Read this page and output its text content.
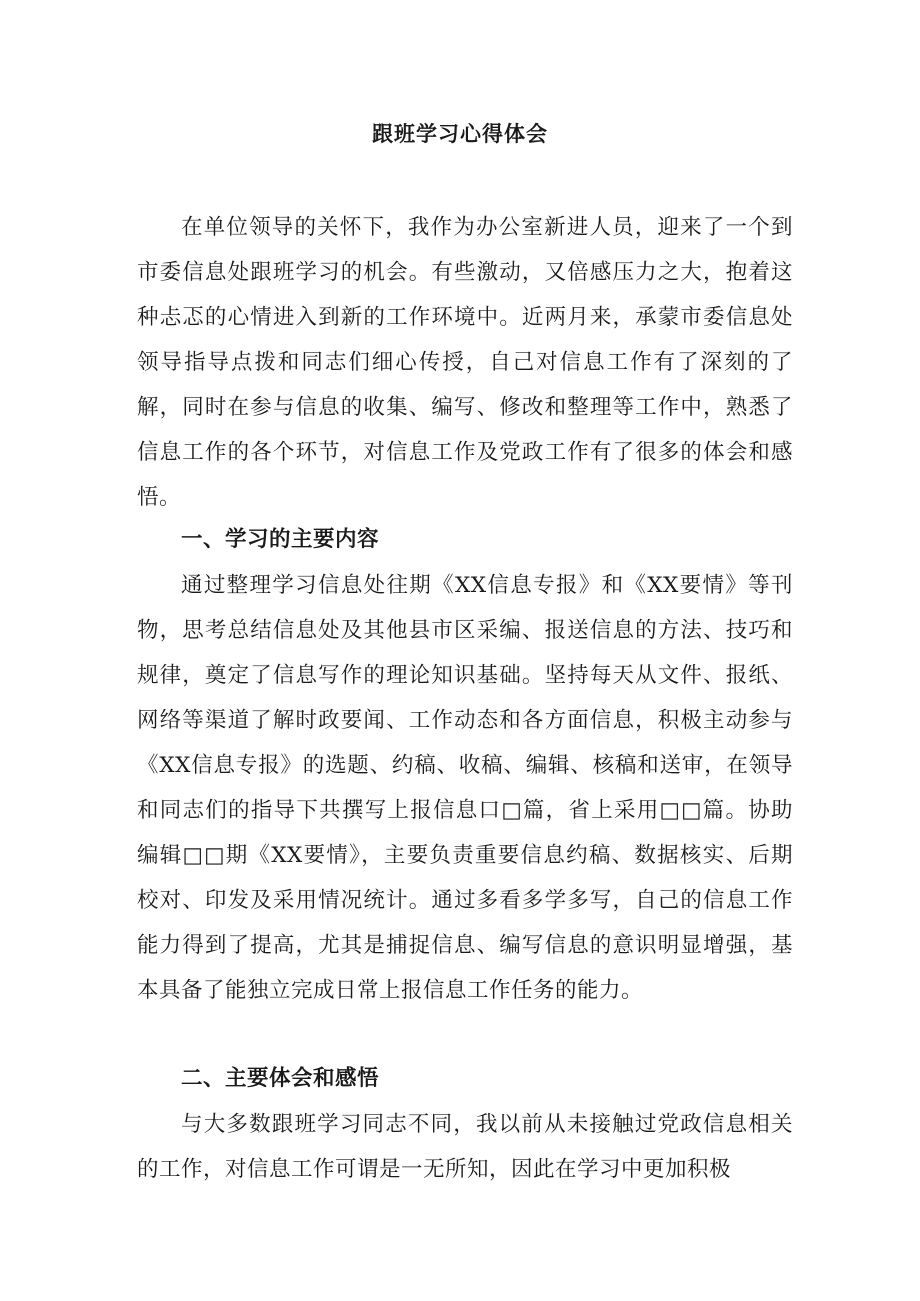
跟班学习心得体会

在单位领导的关怀下，我作为办公室新进人员，迎来了一个到市委信息处跟班学习的机会。有些激动，又倍感压力之大，抱着这种忐忑的心情进入到新的工作环境中。近两月来，承蒙市委信息处领导指导点拨和同志们细心传授，自己对信息工作有了深刻的了解，同时在参与信息的收集、编写、修改和整理等工作中，熟悉了信息工作的各个环节，对信息工作及党政工作有了很多的体会和感悟。

一、学习的主要内容

通过整理学习信息处往期《XX信息专报》和《XX要情》等刊物，思考总结信息处及其他县市区采编、报送信息的方法、技巧和规律，奠定了信息写作的理论知识基础。坚持每天从文件、报纸、网络等渠道了解时政要闻、工作动态和各方面信息，积极主动参与《XX信息专报》的选题、约稿、收稿、编辑、核稿和送审，在领导和同志们的指导下共撰写上报信息口□篇，省上采用□□篇。协助编辑□□期《XX要情》，主要负责重要信息约稿、数据核实、后期校对、印发及采用情况统计。通过多看多学多写，自己的信息工作能力得到了提高，尤其是捕捉信息、编写信息的意识明显增强，基本具备了能独立完成日常上报信息工作任务的能力。

二、主要体会和感悟

与大多数跟班学习同志不同，我以前从未接触过党政信息相关的工作，对信息工作可谓是一无所知，因此在学习中更加积极
